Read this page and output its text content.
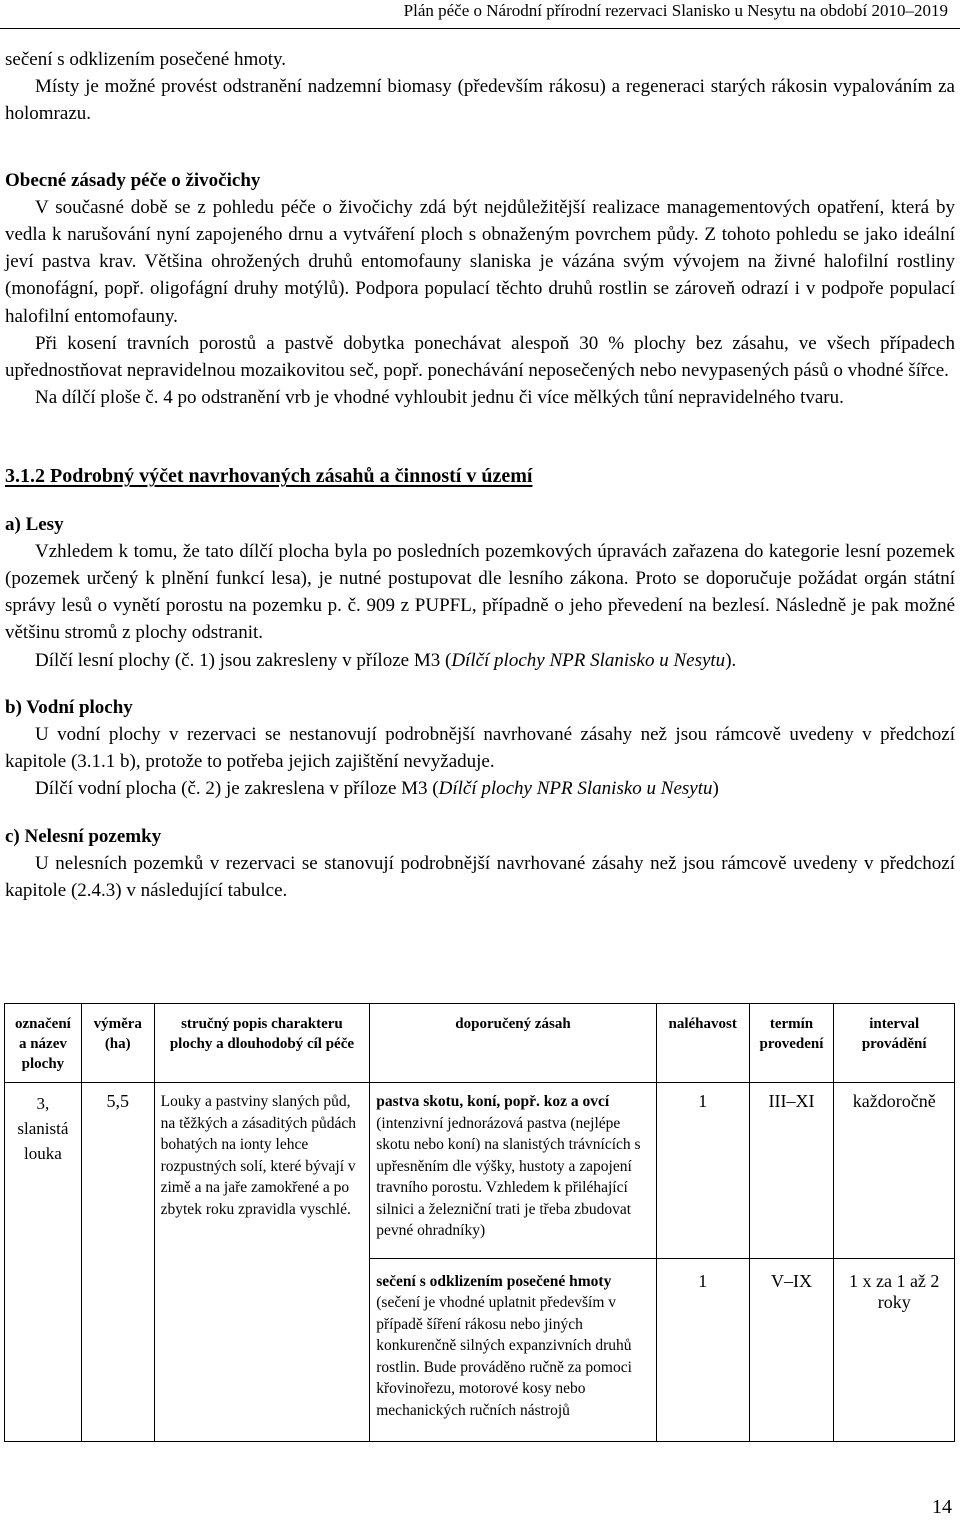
Plán péče o Národní přírodní rezervaci Slanisko u Nesytu na období 2010–2019

sečení s odklizením posečené hmoty.

Místy je možné provést odstranění nadzemní biomasy (především rákosu) a regeneraci starých rákosin vypalováním za holomrazu.

Obecné zásady péče o živočichy

V současné době se z pohledu péče o živočichy zdá být nejdůležitější realizace managementových opatření, která by vedla k narušování nyní zapojeného drnu a vytváření ploch s obnaženým povrchem půdy. Z tohoto pohledu se jako ideální jeví pastva krav. Většina ohrožených druhů entomofauny slaniska je vázána svým vývojem na živné halofilní rostliny (monofágní, popř. oligofágní druhy motýlů). Podpora populací těchto druhů rostlin se zároveň odrazí i v podpoře populací halofilní entomofauny.

Při kosení travních porostů a pastvě dobytka ponechávat alespoň 30 % plochy bez zásahu, ve všech případech upřednostňovat nepravidelnou mozaikovitou seč, popř. ponechávání neposečených nebo nevypasených pásů o vhodné šířce.

Na dílčí ploše č. 4 po odstranění vrb je vhodné vyhloubit jednu či více mělkých tůní nepravidelného tvaru.

3.1.2 Podrobný výčet navrhovaných zásahů a činností v území

a) Lesy

Vzhledem k tomu, že tato dílčí plocha byla po posledních pozemkových úpravách zařazena do kategorie lesní pozemek (pozemek určený k plnění funkcí lesa), je nutné postupovat dle lesního zákona. Proto se doporučuje požádat orgán státní správy lesů o vynětí porostu na pozemku p. č. 909 z PUPFL, případně o jeho převedení na bezlesí. Následně je pak možné většinu stromů z plochy odstranit.

Dílčí lesní plochy (č. 1) jsou zakresleny v příloze M3 (Dílčí plochy NPR Slanisko u Nesytu).

b) Vodní plochy

U vodní plochy v rezervaci se nestanovují podrobnější navrhované zásahy než jsou rámcově uvedeny v předchozí kapitole (3.1.1 b), protože to potřeba jejich zajištění nevyžaduje.

Dílčí vodní plocha (č. 2) je zakreslena v příloze M3 (Dílčí plochy NPR Slanisko u Nesytu)

c) Nelesní pozemky

U nelesních pozemků v rezervaci se stanovují podrobnější navrhované zásahy než jsou rámcově uvedeny v předchozí kapitole (2.4.3) v následující tabulce.

označení a název plochy	výměra (ha)	stručný popis charakteru plochy a dlouhodobý cíl péče	doporučený zásah	naléhavost	termín provedení	interval provádění
3, slanistá louka	5,5	Louky a pastviny slaných půd, na těžkých a zásaditých půdách bohatých na ionty lehce rozpustných solí, které bývají v zimě a na jaře zamokřené a po zbytek roku zpravidla vyschlé.	pastva skotu, koní, popř. koz a ovcí (intenzivní jednorázová pastva (nejlépe skotu nebo koní) na slanistých trávnících s upřesněním dle výšky, hustoty a zapojení travního porostu. Vzhledem k přiléhající silnici a železniční trati je třeba zbudovat pevné ohradníky)	1	III–XI	každoročně

			sečení s odklizením posečené hmoty (sečení je vhodné uplatnit především v případě šíření rákosu nebo jiných konkurenčně silných expanzivních druhů rostlin. Bude prováděno ručně za pomoci křovinořezu, motorové kosy nebo mechanických ručních nástrojů	1	V–IX	1 x za 1 až 2 roky
14
